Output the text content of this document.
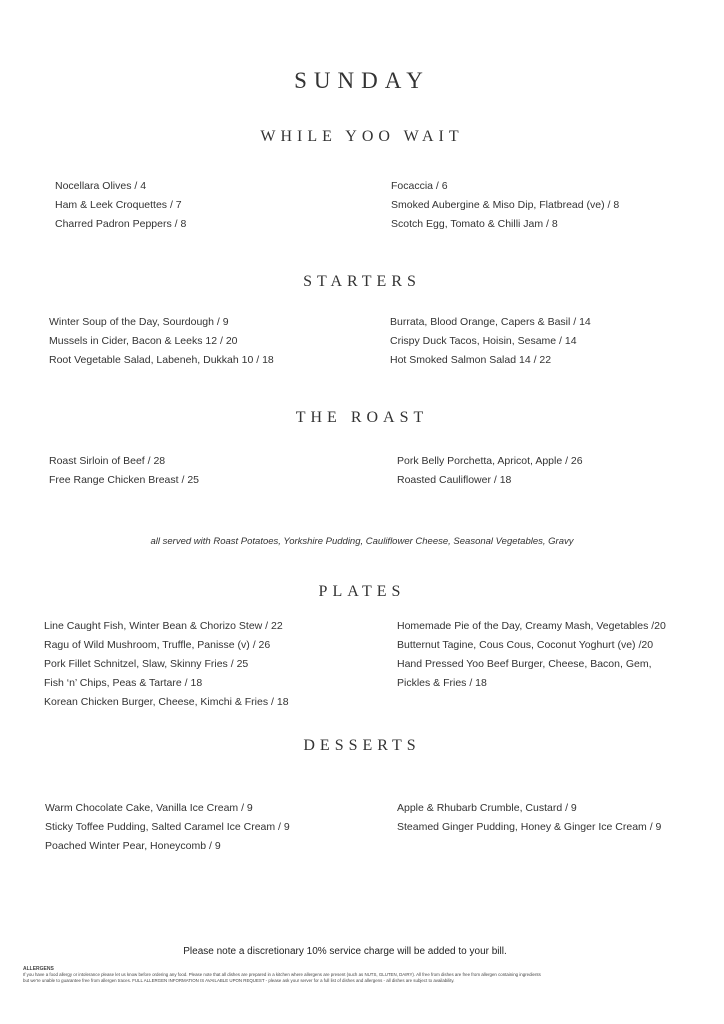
SUNDAY
WHILE YOO WAIT
Nocellara Olives / 4
Ham & Leek Croquettes / 7
Charred Padron Peppers / 8
Focaccia / 6
Smoked Aubergine & Miso Dip, Flatbread (ve) / 8
Scotch Egg, Tomato & Chilli Jam / 8
STARTERS
Winter Soup of the Day, Sourdough / 9
Mussels in Cider, Bacon & Leeks 12 / 20
Root Vegetable Salad, Labeneh, Dukkah 10 / 18
Burrata, Blood Orange, Capers & Basil / 14
Crispy Duck Tacos, Hoisin, Sesame / 14
Hot Smoked Salmon Salad 14 / 22
THE ROAST
Roast Sirloin of Beef / 28
Free Range Chicken Breast / 25
Pork Belly Porchetta, Apricot, Apple / 26
Roasted Cauliflower / 18
all served with Roast Potatoes, Yorkshire Pudding, Cauliflower Cheese, Seasonal Vegetables, Gravy
PLATES
Line Caught Fish, Winter Bean & Chorizo Stew / 22
Ragu of Wild Mushroom, Truffle, Panisse (v) / 26
Pork Fillet Schnitzel, Slaw, Skinny Fries / 25
Fish ‘n’ Chips, Peas & Tartare / 18
Korean Chicken Burger, Cheese, Kimchi & Fries / 18
Homemade Pie of the Day, Creamy Mash, Vegetables /20
Butternut Tagine, Cous Cous, Coconut Yoghurt (ve) /20
Hand Pressed Yoo Beef Burger, Cheese, Bacon, Gem,
Pickles & Fries / 18
DESSERTS
Warm Chocolate Cake, Vanilla Ice Cream / 9
Sticky Toffee Pudding, Salted Caramel Ice Cream / 9
Poached Winter Pear, Honeycomb / 9
Apple & Rhubarb Crumble, Custard / 9
Steamed Ginger Pudding, Honey & Ginger Ice Cream / 9
Please note a discretionary 10% service charge will be added to your bill.
ALLERGENS
If you have a food allergy or intolerance please let us know before ordering any food. Please note that all dishes are prepared in a kitchen where allergens are present (such as NUTS, GLUTEN, DAIRY). All free from dishes are free from allergen containing ingredients
but we're unable to guarantee free from allergen traces. FULL ALLERGEN INFORMATION IS AVAILABLE UPON REQUEST - please ask your server for a full list of dishes and allergens - all dishes are subject to availability.
